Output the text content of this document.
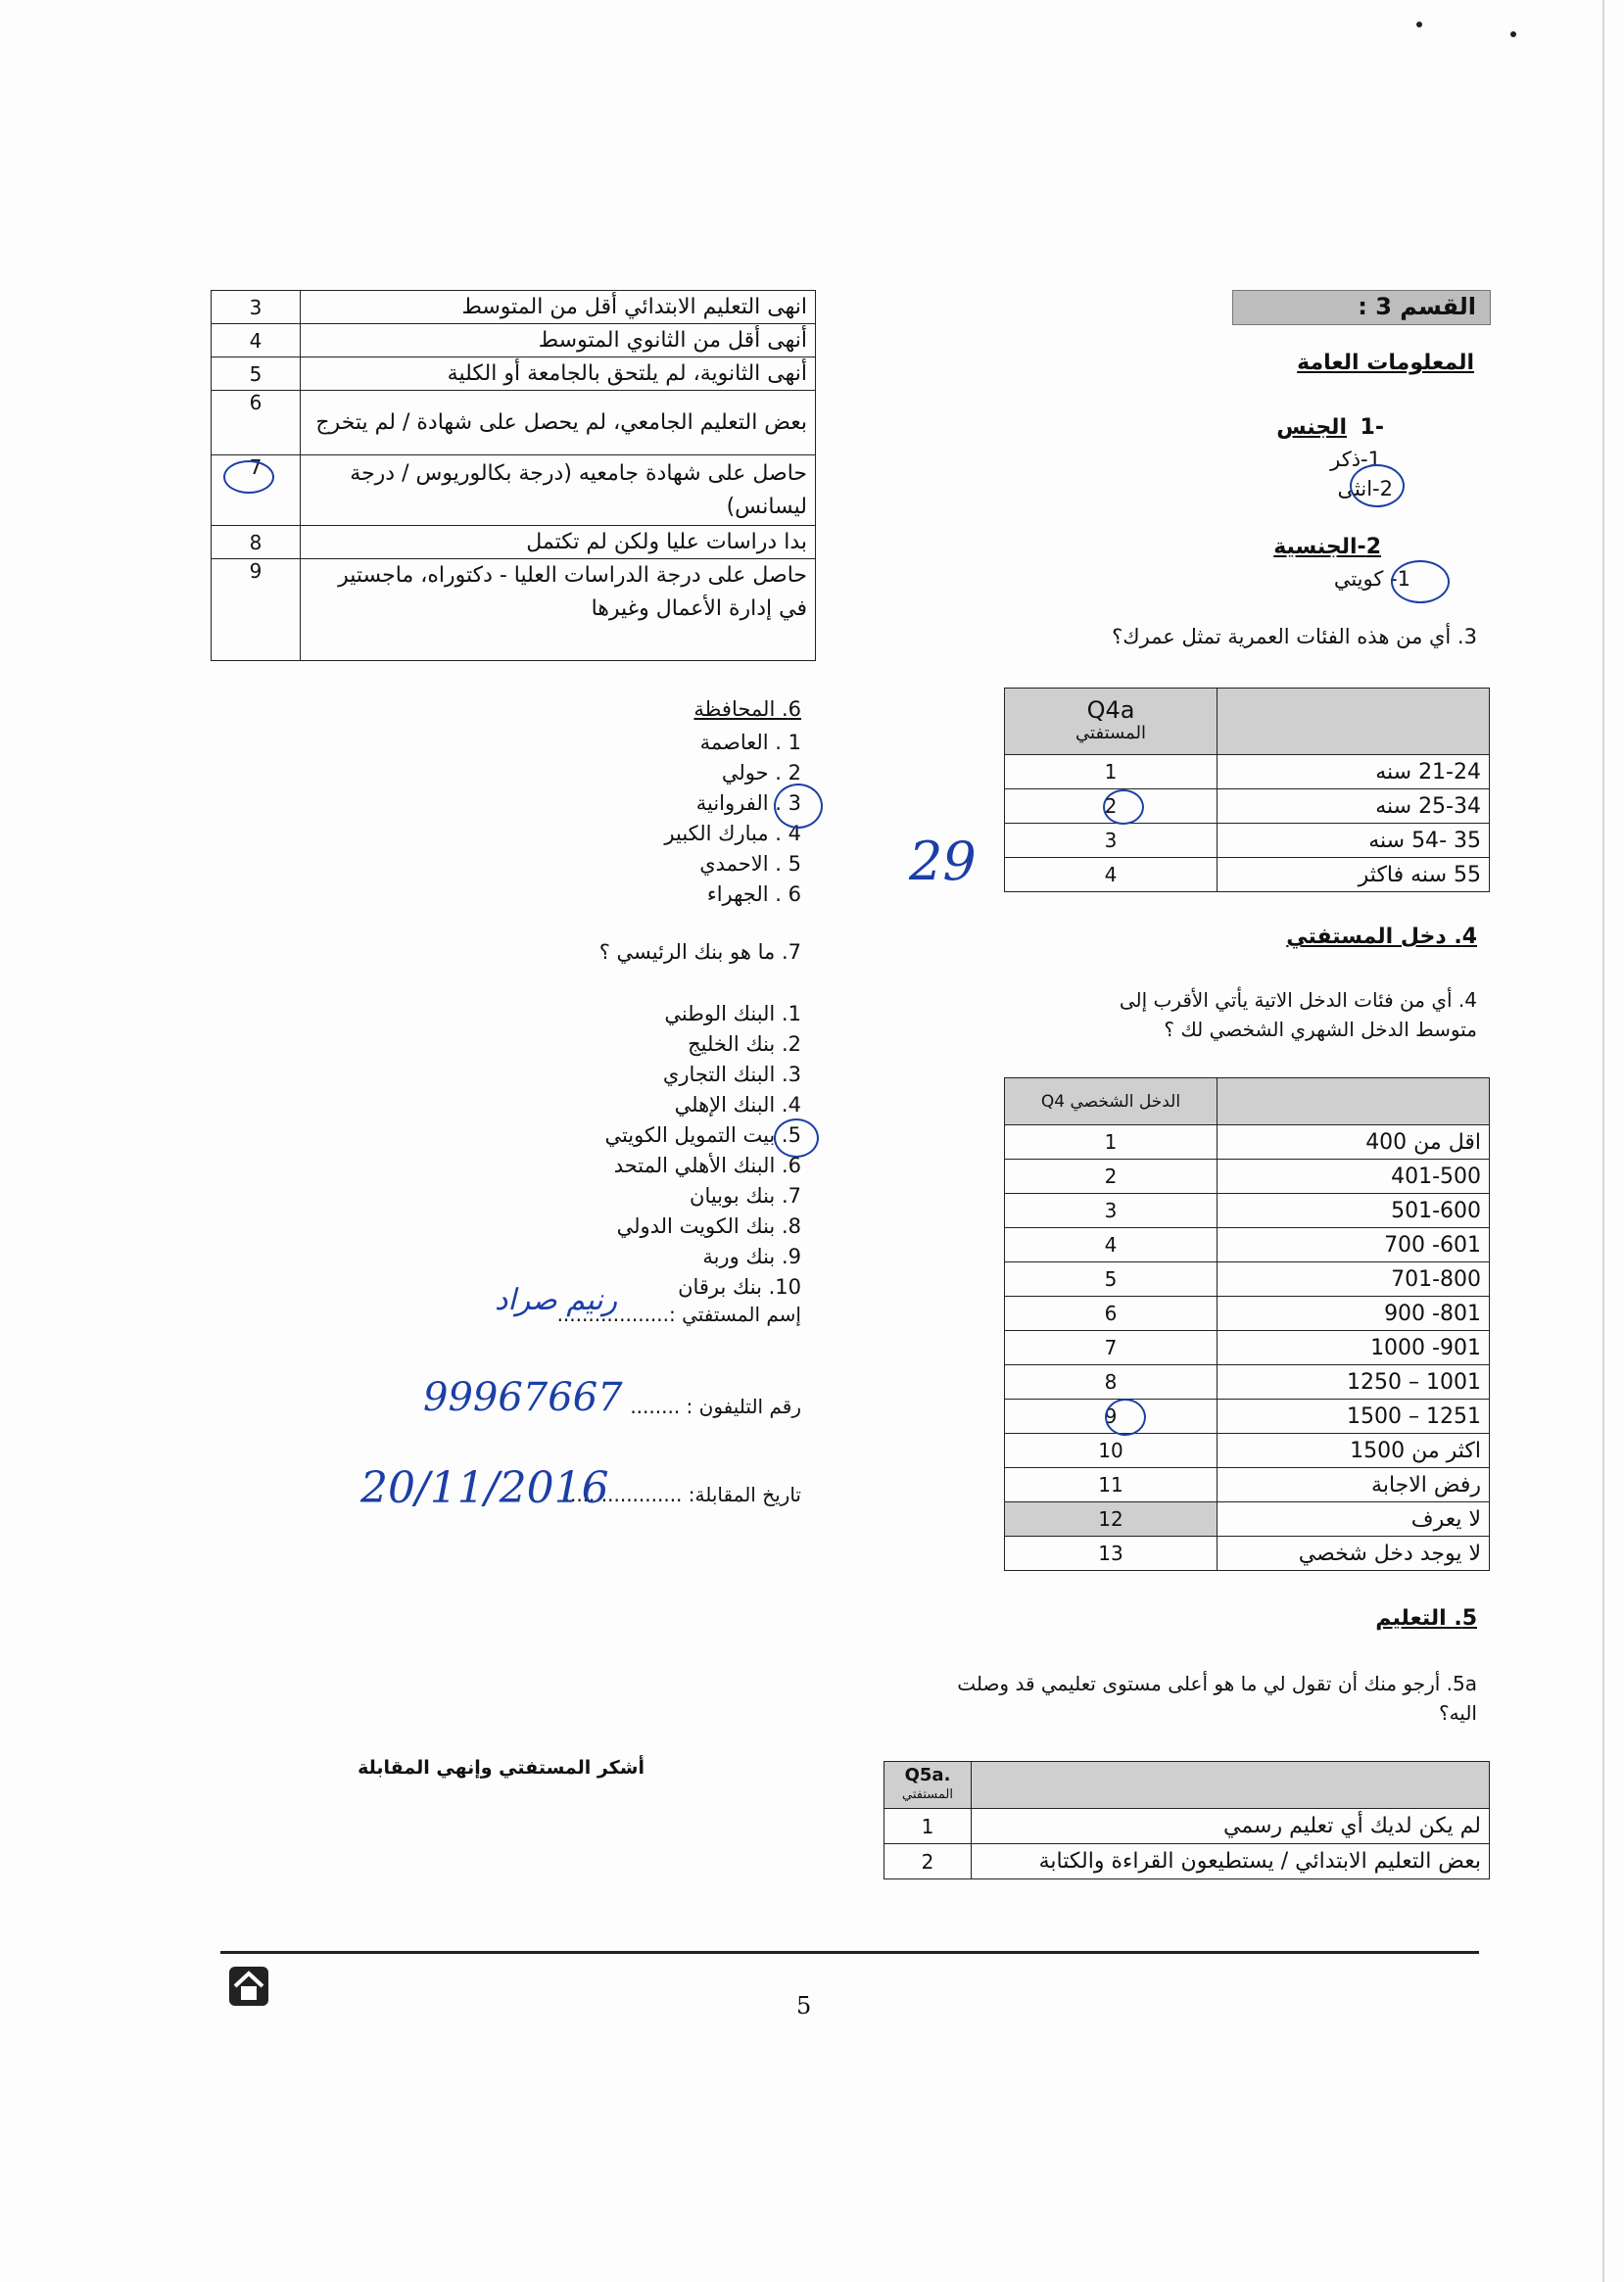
القسم 3 :
المعلومات العامة
-1
الجنس
1-ذكر
2-انثى
2-الجنسية
1- كويتي
3. أي من هذه الفئات العمرية تمثل عمرك؟
Q4a
المستفتي	

1	21-24 سنه
2	25-34 سنه
3	35 -54 سنه
4	55 سنه فاكثر
29
4. دخل المستفتي
4. أي من فئات الدخل الاتية يأتي الأقرب إلى متوسط الدخل الشهري الشخصي لك ؟
Q4 الدخل الشخصي	
1	اقل من 400
2	401-500
3	501-600
4	601- 700
5	701-800
6	801- 900
7	901- 1000
8	1001 – 1250
9	1251 – 1500
10	اكثر من 1500
11	رفض الاجابة
12	لا يعرف
13	لا يوجد دخل شخصي
5. التعليم
5a. أرجو منك أن تقول لي ما هو أعلى مستوى تعليمي قد وصلت اليه؟
Q5a.
المستفتي	

1	لم يكن لديك أي تعليم رسمي
2	بعض التعليم الابتدائي / يستطيعون القراءة والكتابة
3	انهى التعليم الابتدائي أقل من المتوسط
4	أنهى أقل من الثانوي المتوسط
5	أنهى الثانوية، لم يلتحق بالجامعة أو الكلية
6	بعض التعليم الجامعي، لم يحصل على شهادة / لم يتخرج
7	حاصل على شهادة جامعيه (درجة بكالوريوس / درجة ليسانس)
8	بدا دراسات عليا ولكن لم تكتمل
9	حاصل على درجة الدراسات العليا - دكتوراه، ماجستير في إدارة الأعمال وغيرها
6. المحافظة
1 . العاصمة
2 . حولي
3 . الفروانية
4 . مبارك الكبير
5 . الاحمدي
6 . الجهراء
7. ما هو بنك الرئيسي ؟
1. البنك الوطني
2. بنك الخليج
3. البنك التجاري
4. البنك الإهلي
5. بيت التمويل الكويتي
6. البنك الأهلي المتحد
7. بنك بوبيان
8. بنك الكويت الدولي
9. بنك وربة
10. بنك برقان
إسم المستفتي :..................
رنيم صراد
رقم التليفون : ........
99967667
تاريخ المقابلة: ...................
20/11/2016
أشكر المستفتي وإنهي المقابلة
5
